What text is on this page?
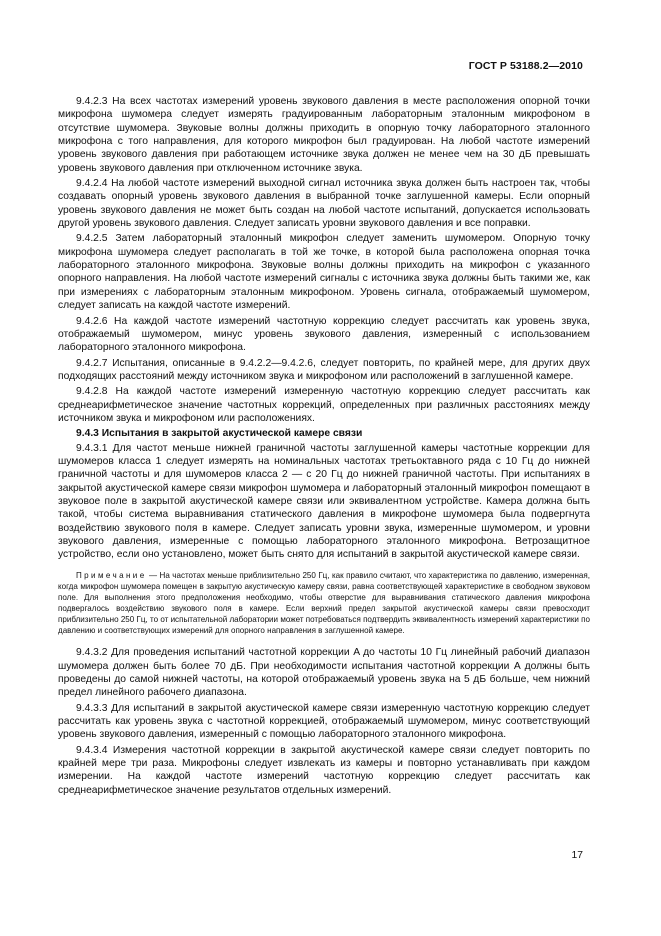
ГОСТ Р 53188.2—2010

9.4.2.3 На всех частотах измерений уровень звукового давления в месте расположения опорной точки микрофона шумомера следует измерять градуированным лабораторным эталонным микрофоном в отсутствие шумомера. Звуковые волны должны приходить в опорную точку лабораторного эталонного микрофона с того направления, для которого микрофон был градуирован. На любой частоте измерений уровень звукового давления при работающем источнике звука должен не менее чем на 30 дБ превышать уровень звукового давления при отключенном источнике звука.

9.4.2.4 На любой частоте измерений выходной сигнал источника звука должен быть настроен так, чтобы создавать опорный уровень звукового давления в выбранной точке заглушенной камеры. Если опорный уровень звукового давления не может быть создан на любой частоте испытаний, допускается использовать другой уровень звукового давления. Следует записать уровни звукового давления и все поправки.

9.4.2.5 Затем лабораторный эталонный микрофон следует заменить шумомером. Опорную точку микрофона шумомера следует располагать в той же точке, в которой была расположена опорная точка лабораторного эталонного микрофона. Звуковые волны должны приходить на микрофон с указанного опорного направления. На любой частоте измерений сигналы с источника звука должны быть такими же, как при измерениях с лабораторным эталонным микрофоном. Уровень сигнала, отображаемый шумомером, следует записать на каждой частоте измерений.

9.4.2.6 На каждой частоте измерений частотную коррекцию следует рассчитать как уровень звука, отображаемый шумомером, минус уровень звукового давления, измеренный с использованием лабораторного эталонного микрофона.

9.4.2.7 Испытания, описанные в 9.4.2.2—9.4.2.6, следует повторить, по крайней мере, для других двух подходящих расстояний между источником звука и микрофоном или расположений в заглушенной камере.

9.4.2.8 На каждой частоте измерений измеренную частотную коррекцию следует рассчитать как среднеарифметическое значение частотных коррекций, определенных при различных расстояниях между источником звука и микрофоном или расположениях.

9.4.3 Испытания в закрытой акустической камере связи

9.4.3.1 Для частот меньше нижней граничной частоты заглушенной камеры частотные коррекции для шумомеров класса 1 следует измерять на номинальных частотах третьоктавного ряда с 10 Гц до нижней граничной частоты и для шумомеров класса 2 — с 20 Гц до нижней граничной частоты. При испытаниях в закрытой акустической камере связи микрофон шумомера и лабораторный эталонный микрофон помещают в звуковое поле в закрытой акустической камере связи или эквивалентном устройстве. Камера должна быть такой, чтобы система выравнивания статического давления в микрофоне шумомера была подвергнута воздействию звукового поля в камере. Следует записать уровни звука, измеренные шумомером, и уровни звукового давления, измеренные с помощью лабораторного эталонного микрофона. Ветрозащитное устройство, если оно установлено, может быть снято для испытаний в закрытой акустической камере связи.

Примечание — На частотах меньше приблизительно 250 Гц, как правило считают, что характеристика по давлению, измеренная, когда микрофон шумомера помещен в закрытую акустическую камеру связи, равна соответствующей характеристике в свободном звуковом поле. Для выполнения этого предположения необходимо, чтобы отверстие для выравнивания статического давления микрофона подвергалось воздействию звукового поля в камере. Если верхний предел закрытой акустической камеры связи превосходит приблизительно 250 Гц, то от испытательной лаборатории может потребоваться подтвердить эквивалентность измерений характеристики по давлению и соответствующих измерений для опорного направления в заглушенной камере.

9.4.3.2 Для проведения испытаний частотной коррекции A до частоты 10 Гц линейный рабочий диапазон шумомера должен быть более 70 дБ. При необходимости испытания частотной коррекции A должны быть проведены до самой нижней частоты, на которой отображаемый уровень звука на 5 дБ больше, чем нижний предел линейного рабочего диапазона.

9.4.3.3 Для испытаний в закрытой акустической камере связи измеренную частотную коррекцию следует рассчитать как уровень звука с частотной коррекцией, отображаемый шумомером, минус соответствующий уровень звукового давления, измеренный с помощью лабораторного эталонного микрофона.

9.4.3.4 Измерения частотной коррекции в закрытой акустической камере связи следует повторить по крайней мере три раза. Микрофоны следует извлекать из камеры и повторно устанавливать при каждом измерении. На каждой частоте измерений частотную коррекцию следует рассчитать как среднеарифметическое значение результатов отдельных измерений.

17
